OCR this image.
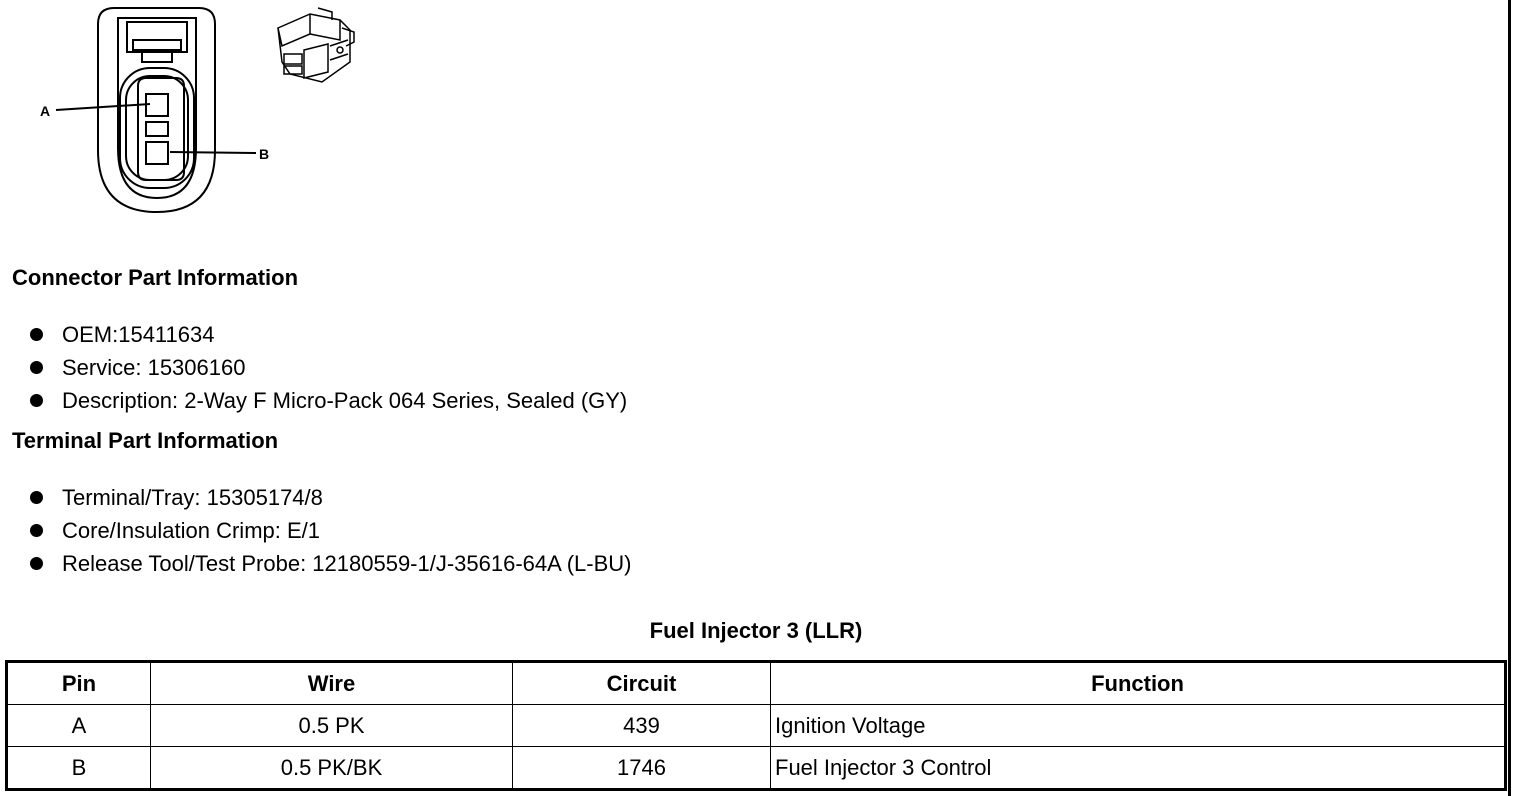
A
B
Connector Part Information
OEM:15411634
Service: 15306160
Description: 2-Way F Micro-Pack 064 Series, Sealed (GY)
Terminal Part Information
Terminal/Tray: 15305174/8
Core/Insulation Crimp: E/1
Release Tool/Test Probe: 12180559-1/J-35616-64A (L-BU)
Fuel Injector 3 (LLR)
Pin	Wire	Circuit	Function
A	0.5 PK	439	Ignition Voltage
B	0.5 PK/BK	1746	Fuel Injector 3 Control
